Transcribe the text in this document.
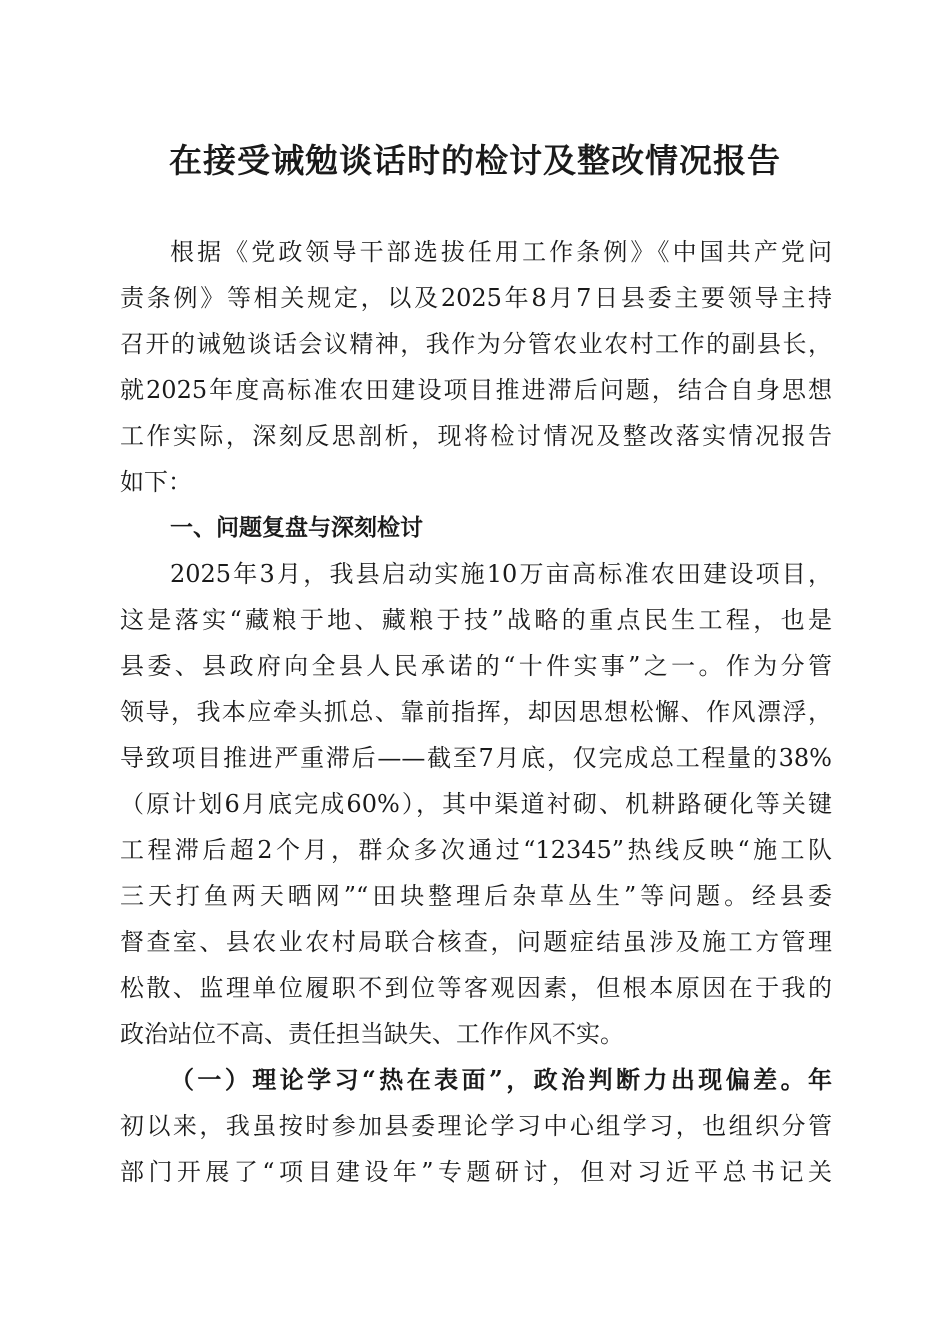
在接受诫勉谈话时的检讨及整改情况报告

根据《党政领导干部选拔任用工作条例》《中国共产党问

责条例》等相关规定，以及2025年8月7日县委主要领导主持

召开的诫勉谈话会议精神，我作为分管农业农村工作的副县长，

就2025年度高标准农田建设项目推进滞后问题，结合自身思想

工作实际，深刻反思剖析，现将检讨情况及整改落实情况报告

如下：

一、问题复盘与深刻检讨

2025年3月，我县启动实施10万亩高标准农田建设项目，

这是落实“藏粮于地、藏粮于技”战略的重点民生工程，也是

县委、县政府向全县人民承诺的“十件实事”之一。作为分管

领导，我本应牵头抓总、靠前指挥，却因思想松懈、作风漂浮，

导致项目推进严重滞后——截至7月底，仅完成总工程量的38%

（原计划6月底完成60%），其中渠道衬砌、机耕路硬化等关键

工程滞后超2个月，群众多次通过“12345”热线反映“施工队

三天打鱼两天晒网”“田块整理后杂草丛生”等问题。经县委

督查室、县农业农村局联合核查，问题症结虽涉及施工方管理

松散、监理单位履职不到位等客观因素，但根本原因在于我的

政治站位不高、责任担当缺失、工作作风不实。

（一）理论学习“热在表面”，政治判断力出现偏差。年

初以来，我虽按时参加县委理论学习中心组学习，也组织分管

部门开展了“项目建设年”专题研讨，但对习近平总书记关
